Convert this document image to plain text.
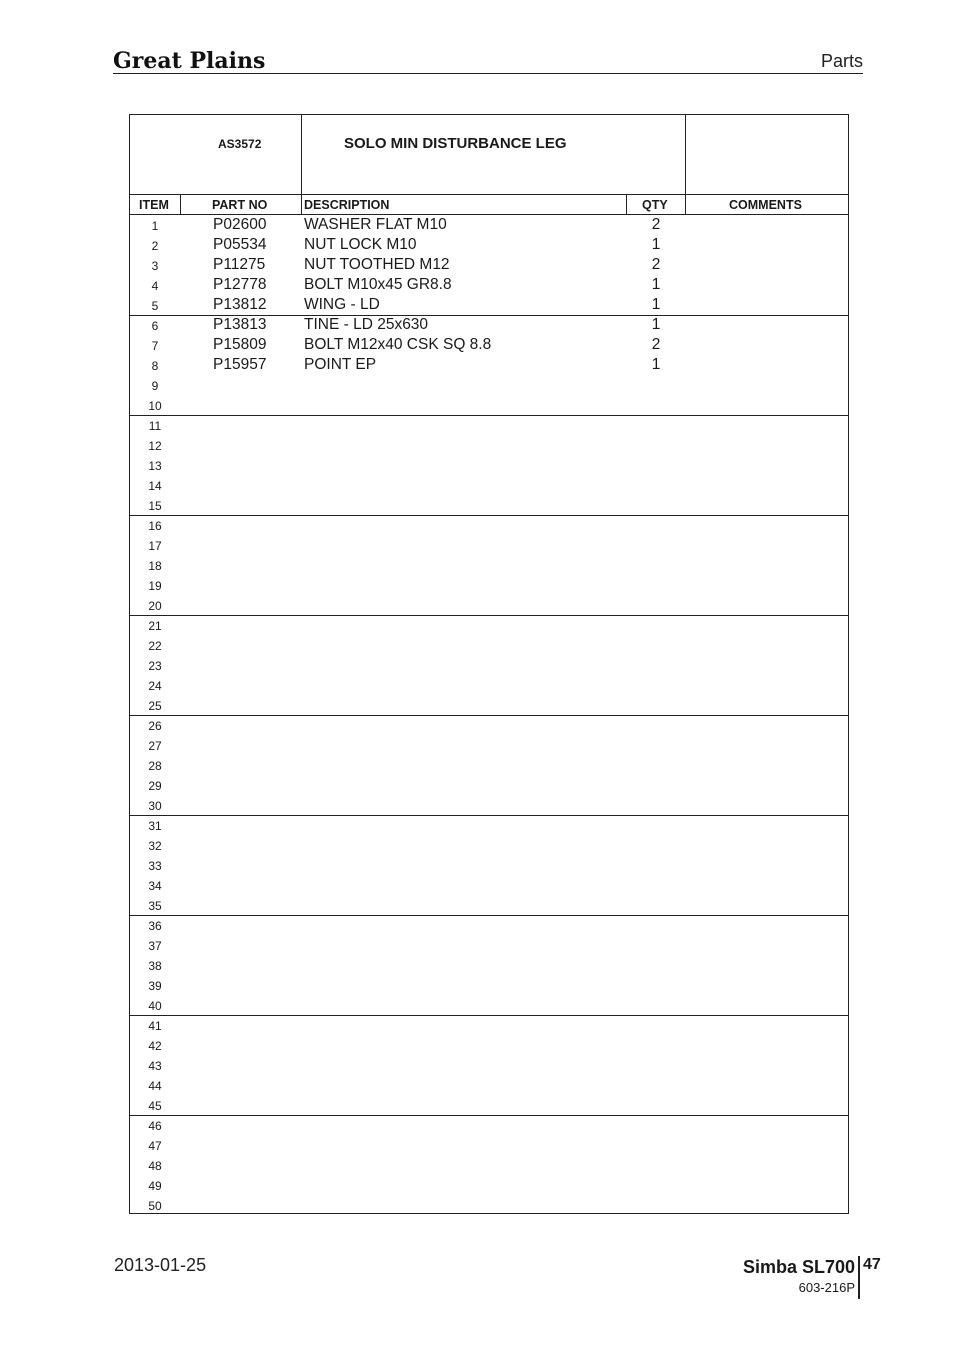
Great Plains	Parts
AS3572	SOLO MIN DISTURBANCE LEG
ITEM	PART NO	DESCRIPTION	QTY	COMMENTS
1	P02600 WASHER FLAT M10	2
2	P05534 NUT LOCK M10	1
3	P11275 NUT TOOTHED M12	2
4	P12778 BOLT M10x45 GR8.8	1
5	P13812 WING - LD	1
6	P13813 TINE - LD 25x630	1
7	P15809 BOLT M12x40 CSK SQ 8.8	2
8	P15957 POINT EP	1
9
10
11
12
13
14
15
16
17
18
19
20
21
22
23
24
25
26
27
28
29
30
31
32
33
34
35
36
37
38
39
40
41
42
43
44
45
46
47
48
49
50
2013-01-25	Simba SL700 47
603-216P
